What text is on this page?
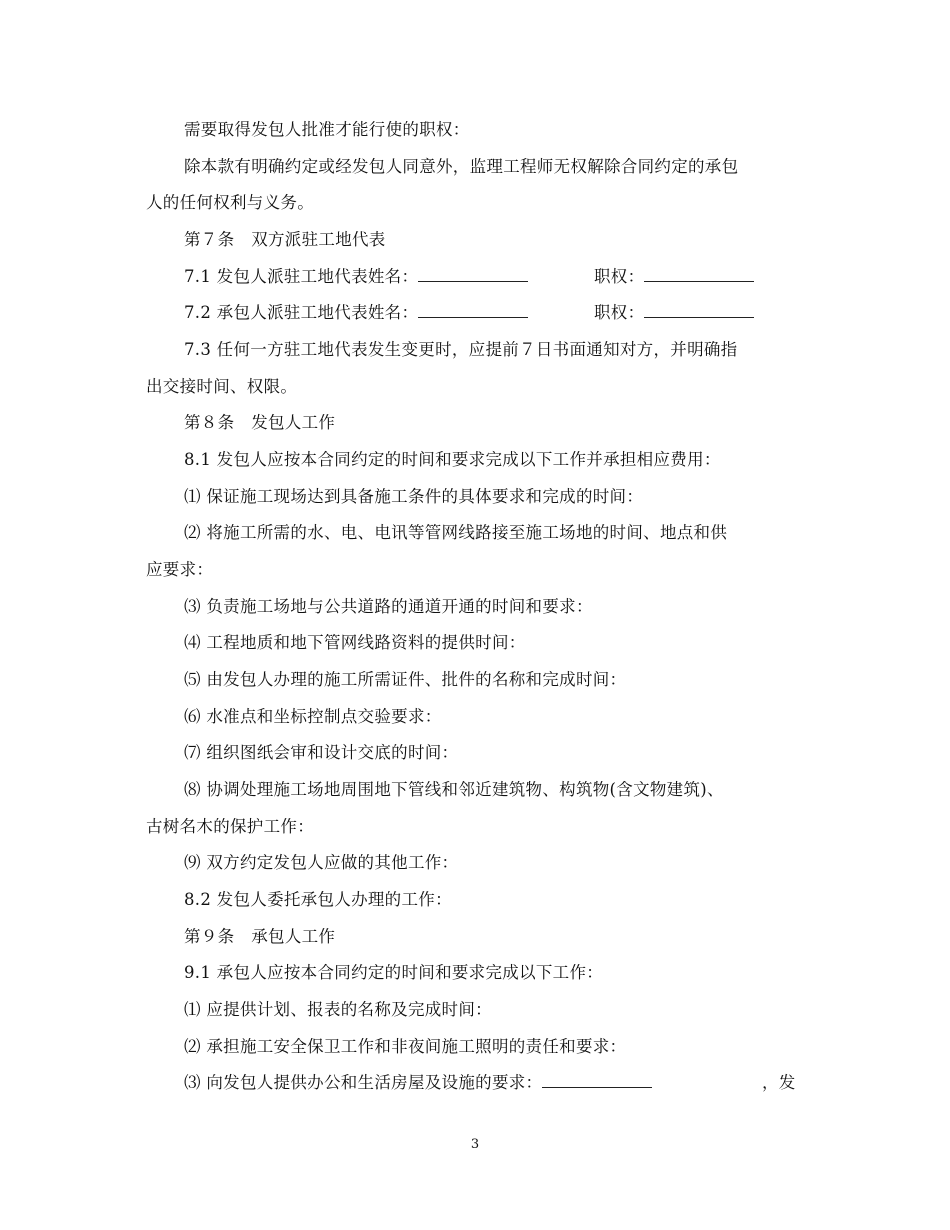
需要取得发包人批准才能行使的职权：
除本款有明确约定或经发包人同意外，监理工程师无权解除合同约定的承包
人的任何权利与义务。
第７条　双方派驻工地代表
7.1 发包人派驻工地代表姓名：	职权：
7.2 承包人派驻工地代表姓名：	职权：
7.3 任何一方驻工地代表发生变更时，应提前７日书面通知对方，并明确指
出交接时间、权限。
第８条　发包人工作
8.1 发包人应按本合同约定的时间和要求完成以下工作并承担相应费用：
⑴ 保证施工现场达到具备施工条件的具体要求和完成的时间：
⑵ 将施工所需的水、电、电讯等管网线路接至施工场地的时间、地点和供
应要求：
⑶ 负责施工场地与公共道路的通道开通的时间和要求：
⑷ 工程地质和地下管网线路资料的提供时间：
⑸ 由发包人办理的施工所需证件、批件的名称和完成时间：
⑹ 水准点和坐标控制点交验要求：
⑺ 组织图纸会审和设计交底的时间：
⑻ 协调处理施工场地周围地下管线和邻近建筑物、构筑物(含文物建筑)、
古树名木的保护工作：
⑼ 双方约定发包人应做的其他工作：
8.2 发包人委托承包人办理的工作：
第９条　承包人工作
9.1 承包人应按本合同约定的时间和要求完成以下工作：
⑴ 应提供计划、报表的名称及完成时间：
⑵ 承担施工安全保卫工作和非夜间施工照明的责任和要求：
⑶ 向发包人提供办公和生活房屋及设施的要求：	，发
3
